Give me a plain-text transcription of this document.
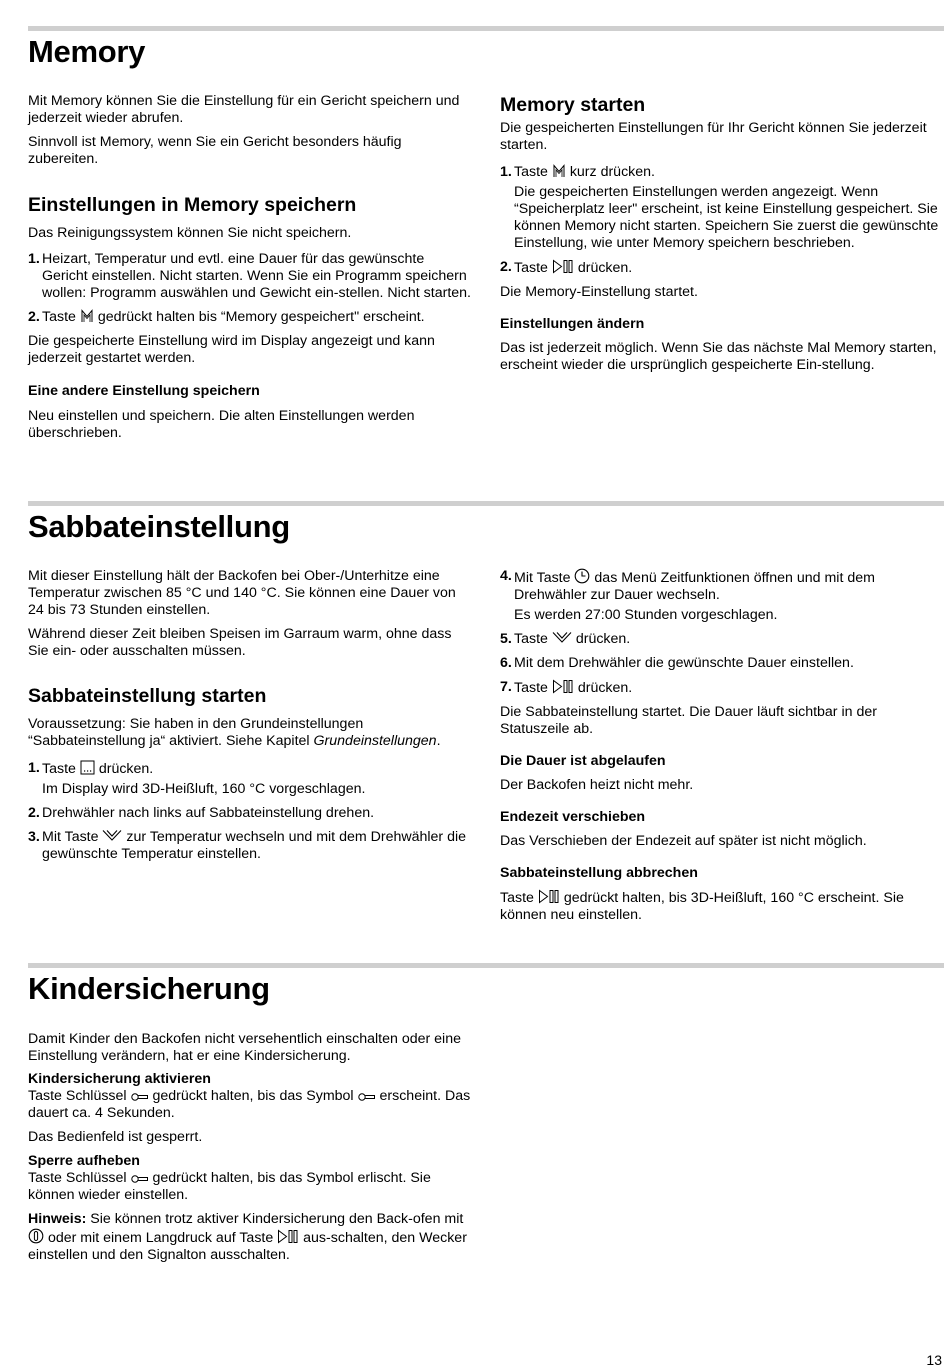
Memory

Mit Memory können Sie die Einstellung für ein Gericht speichern und jederzeit wieder abrufen.

Sinnvoll ist Memory, wenn Sie ein Gericht besonders häufig zubereiten.

Einstellungen in Memory speichern

Das Reinigungssystem können Sie nicht speichern.

1. Heizart, Temperatur und evtl. eine Dauer für das gewünschte Gericht einstellen. Nicht starten. Wenn Sie ein Programm speichern wollen: Programm auswählen und Gewicht ein-stellen. Nicht starten.
2. Taste gedrückt halten bis “Memory gespeichert" erscheint.

Die gespeicherte Einstellung wird im Display angezeigt und kann jederzeit gestartet werden.

Eine andere Einstellung speichern

Neu einstellen und speichern. Die alten Einstellungen werden überschrieben.

Memory starten

Die gespeicherten Einstellungen für Ihr Gericht können Sie jederzeit starten.

1. Taste kurz drücken.

Die gespeicherten Einstellungen werden angezeigt. Wenn “Speicherplatz leer" erscheint, ist keine Einstellung gespeichert. Sie können Memory nicht starten. Speichern Sie zuerst die gewünschte Einstellung, wie unter Memory speichern beschrieben.

2. Taste drücken.

Die Memory-Einstellung startet.

Einstellungen ändern

Das ist jederzeit möglich. Wenn Sie das nächste Mal Memory starten, erscheint wieder die ursprünglich gespeicherte Ein-stellung.

Sabbateinstellung

Mit dieser Einstellung hält der Backofen bei Ober-/Unterhitze eine Temperatur zwischen 85 °C und 140 °C. Sie können eine Dauer von 24 bis 73 Stunden einstellen.

Während dieser Zeit bleiben Speisen im Garraum warm, ohne dass Sie ein- oder ausschalten müssen.

Sabbateinstellung starten

Voraussetzung: Sie haben in den Grundeinstellungen “Sabbateinstellung ja“ aktiviert. Siehe Kapitel Grundeinstellungen.

1. Taste drücken.

Im Display wird 3D-Heißluft, 160 °C vorgeschlagen.

2. Drehwähler nach links auf Sabbateinstellung drehen.
3. Mit Taste zur Temperatur wechseln und mit dem Drehwähler die gewünschte Temperatur einstellen.
4. Mit Taste das Menü Zeitfunktionen öffnen und mit dem Drehwähler zur Dauer wechseln.

Es werden 27:00 Stunden vorgeschlagen.

5. Taste drücken.
6. Mit dem Drehwähler die gewünschte Dauer einstellen.
7. Taste drücken.

Die Sabbateinstellung startet. Die Dauer läuft sichtbar in der Statuszeile ab.

Die Dauer ist abgelaufen

Der Backofen heizt nicht mehr.

Endezeit verschieben

Das Verschieben der Endezeit auf später ist nicht möglich.

Sabbateinstellung abbrechen

Taste gedrückt halten, bis 3D-Heißluft, 160 °C erscheint. Sie können neu einstellen.

Kindersicherung

Damit Kinder den Backofen nicht versehentlich einschalten oder eine Einstellung verändern, hat er eine Kindersicherung.

Kindersicherung aktivieren

Taste Schlüssel gedrückt halten, bis das Symbol erscheint. Das dauert ca. 4 Sekunden.

Das Bedienfeld ist gesperrt.

Sperre aufheben

Taste Schlüssel gedrückt halten, bis das Symbol erlischt. Sie können wieder einstellen.

Hinweis: Sie können trotz aktiver Kindersicherung den Back-ofen mit  oder mit einem Langdruck auf Taste aus-schalten, den Wecker einstellen und den Signalton ausschalten.

13
